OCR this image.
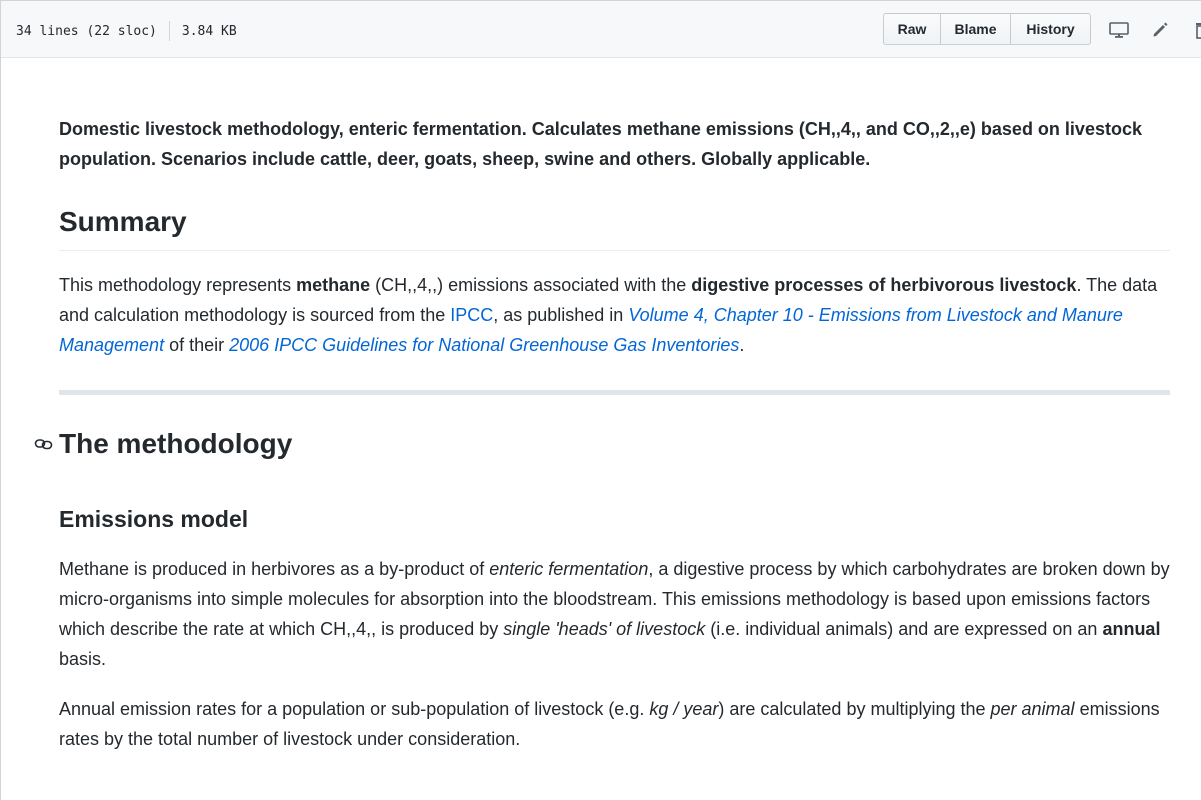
34 lines (22 sloc) 3.84 KB	Raw	Blame	History

Domestic livestock methodology, enteric fermentation. Calculates methane emissions (CH,,4,, and CO,,2,,e) based on livestock population. Scenarios include cattle, deer, goats, sheep, swine and others. Globally applicable.

Summary

This methodology represents methane (CH,,4,,) emissions associated with the digestive processes of herbivorous livestock. The data and calculation methodology is sourced from the IPCC, as published in Volume 4, Chapter 10 - Emissions from Livestock and Manure Management of their 2006 IPCC Guidelines for National Greenhouse Gas Inventories.

The methodology
Emissions model

Methane is produced in herbivores as a by-product of enteric fermentation, a digestive process by which carbohydrates are broken down by micro-organisms into simple molecules for absorption into the bloodstream. This emissions methodology is based upon emissions factors which describe the rate at which CH,,4,, is produced by single 'heads' of livestock (i.e. individual animals) and are expressed on an annual basis.

Annual emission rates for a population or sub-population of livestock (e.g. kg / year) are calculated by multiplying the per animal emissions rates by the total number of livestock under consideration.
